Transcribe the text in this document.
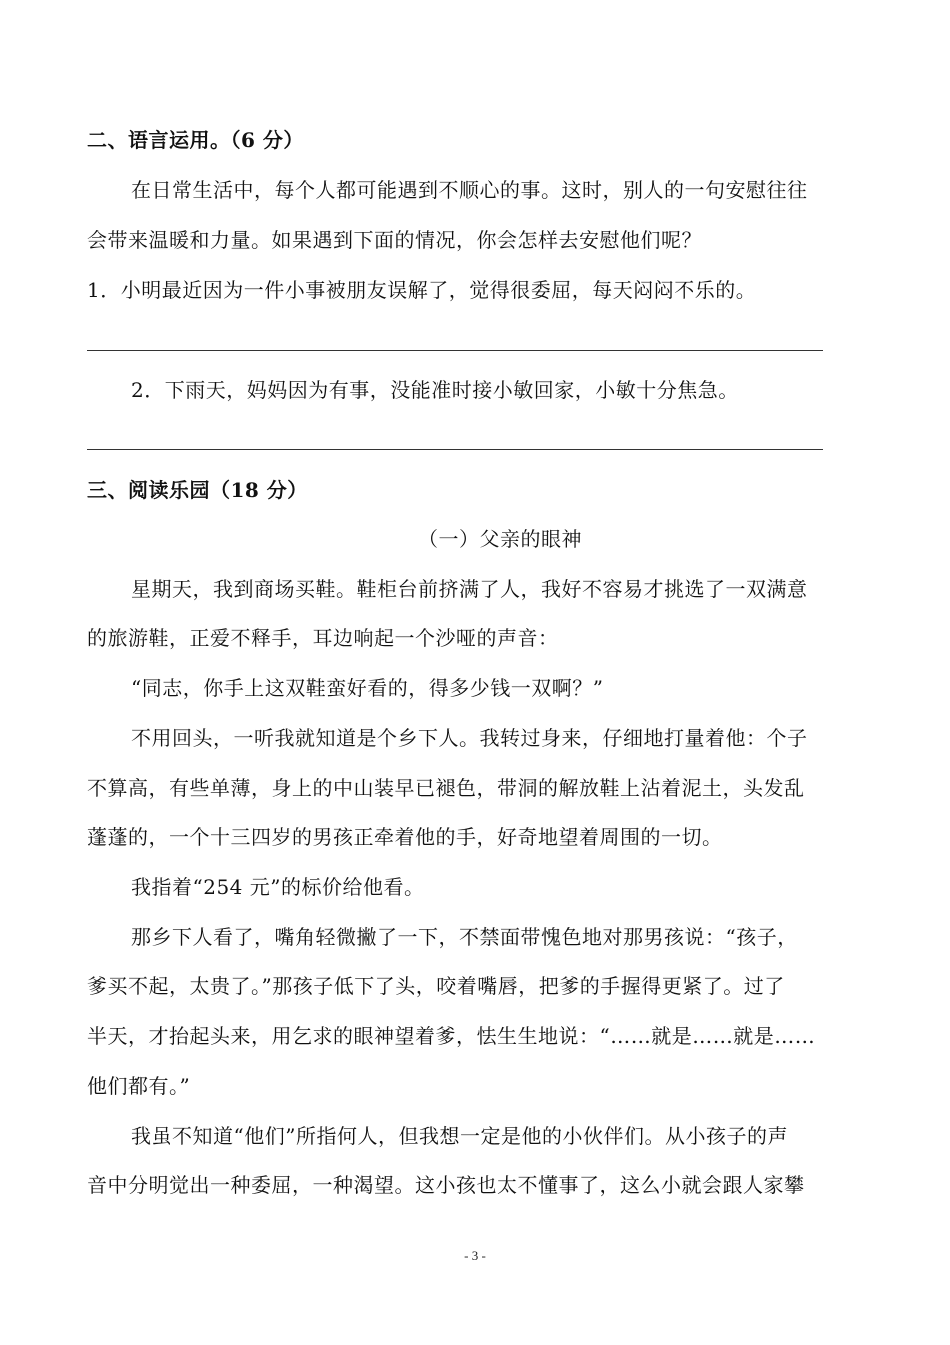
二、语言运用。（6 分）
在日常生活中，每个人都可能遇到不顺心的事。这时，别人的一句安慰往往
会带来温暖和力量。如果遇到下面的情况，你会怎样去安慰他们呢？
1．小明最近因为一件小事被朋友误解了，觉得很委屈，每天闷闷不乐的。
2．下雨天，妈妈因为有事，没能准时接小敏回家，小敏十分焦急。
三、阅读乐园（18 分）
（一）父亲的眼神
星期天，我到商场买鞋。鞋柜台前挤满了人，我好不容易才挑选了一双满意
的旅游鞋，正爱不释手，耳边响起一个沙哑的声音：
“同志，你手上这双鞋蛮好看的，得多少钱一双啊？”
不用回头，一听我就知道是个乡下人。我转过身来，仔细地打量着他：个子
不算高，有些单薄，身上的中山装早已褪色，带洞的解放鞋上沾着泥土，头发乱
蓬蓬的，一个十三四岁的男孩正牵着他的手，好奇地望着周围的一切。
我指着“254 元”的标价给他看。
那乡下人看了，嘴角轻微撇了一下，不禁面带愧色地对那男孩说：“孩子，
爹买不起，太贵了。”那孩子低下了头，咬着嘴唇，把爹的手握得更紧了。过了
半天，才抬起头来，用乞求的眼神望着爹，怯生生地说：“……就是……就是……
他们都有。”
我虽不知道“他们”所指何人，但我想一定是他的小伙伴们。从小孩子的声
音中分明觉出一种委屈，一种渴望。这小孩也太不懂事了，这么小就会跟人家攀
- 3 -
